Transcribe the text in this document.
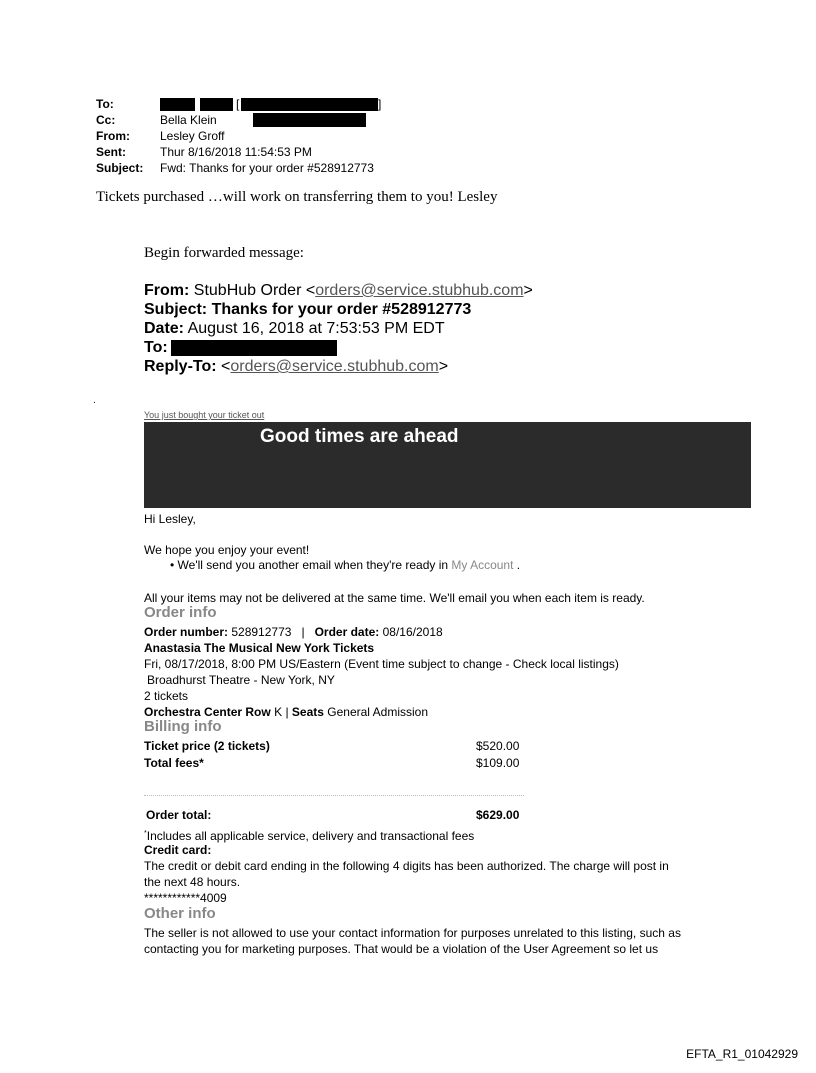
To:	[	]
Cc:	Bella Klein
From:	Lesley Groff
Sent:	Thur 8/16/2018 11:54:53 PM
Subject: Fwd: Thanks for your order #528912773
Tickets purchased …will work on transferring them to you! Lesley
Begin forwarded message:
From: StubHub Order <orders@service.stubhub.com>
Subject: Thanks for your order #528912773
Date: August 16, 2018 at 7:53:53 PM EDT
To:
Reply-To: <orders@service.stubhub.com>
.
You just bought your ticket out
Good times are ahead
Hi Lesley,
We hope you enjoy your event!
• We'll send you another email when they're ready in My Account .
All your items may not be delivered at the same time. We'll email you when each item is ready.
Order info
Order number: 528912773 | Order date: 08/16/2018
Anastasia The Musical New York Tickets
Fri, 08/17/2018, 8:00 PM US/Eastern (Event time subject to change - Check local listings)
Broadhurst Theatre - New York, NY
2 tickets
Orchestra Center Row K | Seats General Admission
Billing info
Ticket price (2 tickets)	$520.00
Total fees*	$109.00
Order total:	$629.00
*Includes all applicable service, delivery and transactional fees
Credit card:
The credit or debit card ending in the following 4 digits has been authorized. The charge will post in
the next 48 hours.
************4009
Other info
The seller is not allowed to use your contact information for purposes unrelated to this listing, such as
contacting you for marketing purposes. That would be a violation of the User Agreement so let us
EFTA_R1_01042929
